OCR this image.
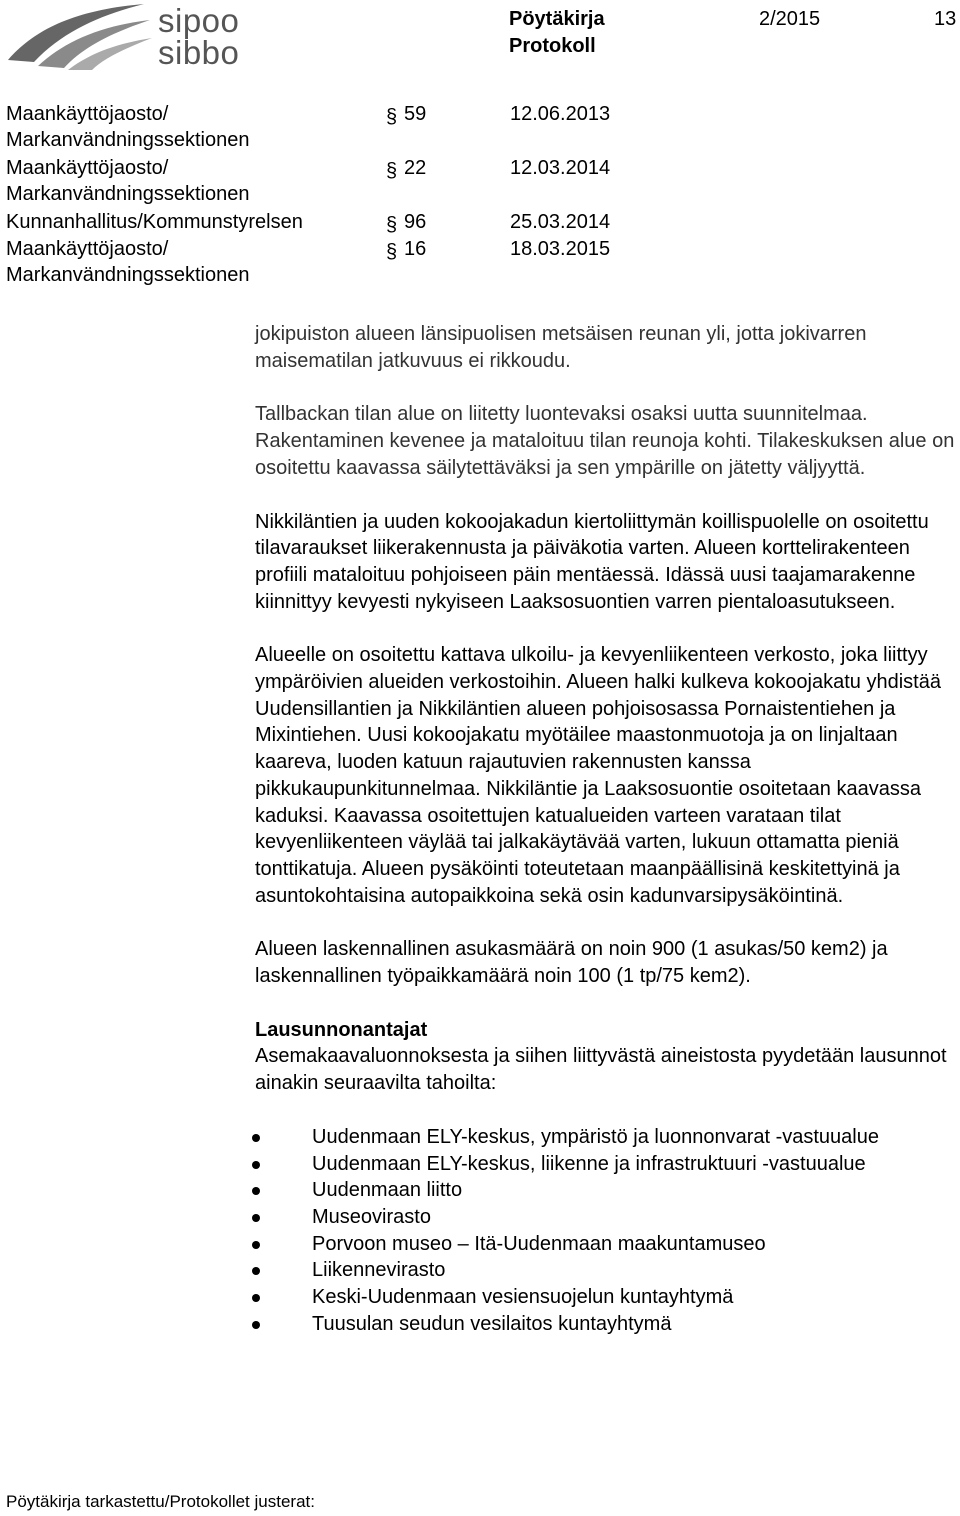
sipoo
sibbo
Pöytäkirja
Protokoll
2/2015	13
Maankäyttöjaosto/
Markanvändningssektionen
§ 59	12.06.2013
Maankäyttöjaosto/
Markanvändningssektionen
§ 22	12.03.2014
Kunnanhallitus/Kommunstyrelsen	§ 96	25.03.2014
Maankäyttöjaosto/
Markanvändningssektionen
§ 16	18.03.2015

jokipuiston alueen länsipuolisen metsäisen reunan yli, jotta jokivarren maisematilan jatkuvuus ei rikkoudu.

Tallbackan tilan alue on liitetty luontevaksi osaksi uutta suunnitelmaa. Rakentaminen kevenee ja mataloituu tilan reunoja kohti. Tilakeskuksen alue on osoitettu kaavassa säilytettäväksi ja sen ympärille on jätetty väljyyttä.

Nikkiläntien ja uuden kokoojakadun kiertoliittymän koillispuolelle on osoitettu tilavaraukset liikerakennusta ja päiväkotia varten. Alueen korttelirakenteen profiili mataloituu pohjoiseen päin mentäessä. Idässä uusi taajamarakenne kiinnittyy kevyesti nykyiseen Laaksosuontien varren pientaloasutukseen.

Alueelle on osoitettu kattava ulkoilu- ja kevyenliikenteen verkosto, joka liittyy ympäröivien alueiden verkostoihin. Alueen halki kulkeva kokoojakatu yhdistää Uudensillantien ja Nikkiläntien alueen pohjoisosassa Pornaistentiehen ja Mixintiehen. Uusi kokoojakatu myötäilee maastonmuotoja ja on linjaltaan kaareva, luoden katuun rajautuvien rakennusten kanssa pikkukaupunkitunnelmaa. Nikkiläntie ja Laaksosuontie osoitetaan kaavassa kaduksi. Kaavassa osoitettujen katualueiden varteen varataan tilat kevyenliikenteen väylää tai jalkakäytävää varten, lukuun ottamatta pieniä tonttikatuja. Alueen pysäköinti toteutetaan maanpäällisinä keskitettyinä ja asuntokohtaisina autopaikkoina sekä osin kadunvarsipysäköintinä.

Alueen laskennallinen asukasmäärä on noin 900 (1 asukas/50 kem2) ja laskennallinen työpaikkamäärä noin 100 (1 tp/75 kem2).

Lausunnonantajat

Asemakaavaluonnoksesta ja siihen liittyvästä aineistosta pyydetään lausunnot ainakin seuraavilta tahoilta:

Uudenmaan ELY-keskus, ympäristö ja luonnonvarat -vastuualue
Uudenmaan ELY-keskus, liikenne ja infrastruktuuri -vastuualue
Uudenmaan liitto
Museovirasto
Porvoon museo – Itä-Uudenmaan maakuntamuseo
Liikennevirasto
Keski-Uudenmaan vesiensuojelun kuntayhtymä
Tuusulan seudun vesilaitos kuntayhtymä
Pöytäkirja tarkastettu/Protokollet justerat:
